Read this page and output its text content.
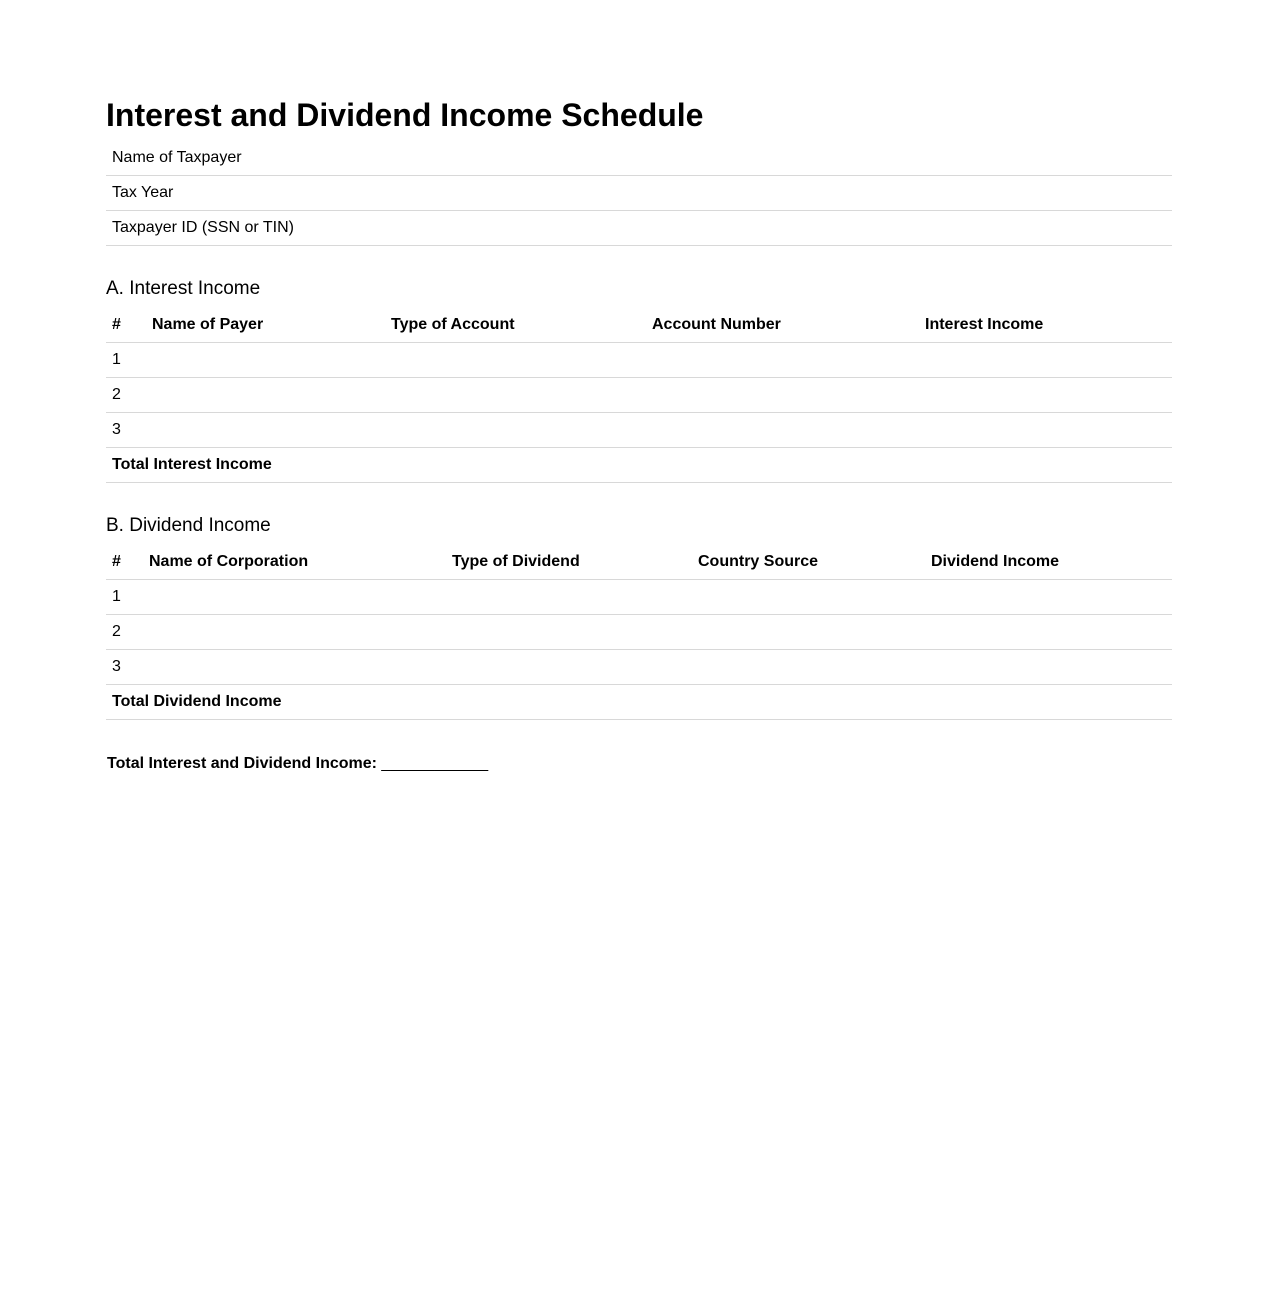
Interest and Dividend Income Schedule
Name of Taxpayer
Tax Year
Taxpayer ID (SSN or TIN)
A. Interest Income
#	Name of Payer	Type of Account	Account Number	Interest Income
1				
2				
3				
Total Interest Income				
B. Dividend Income
#	Name of Corporation	Type of Dividend	Country Source	Dividend Income
1				
2				
3				
Total Dividend Income				
Total Interest and Dividend Income: ____________
